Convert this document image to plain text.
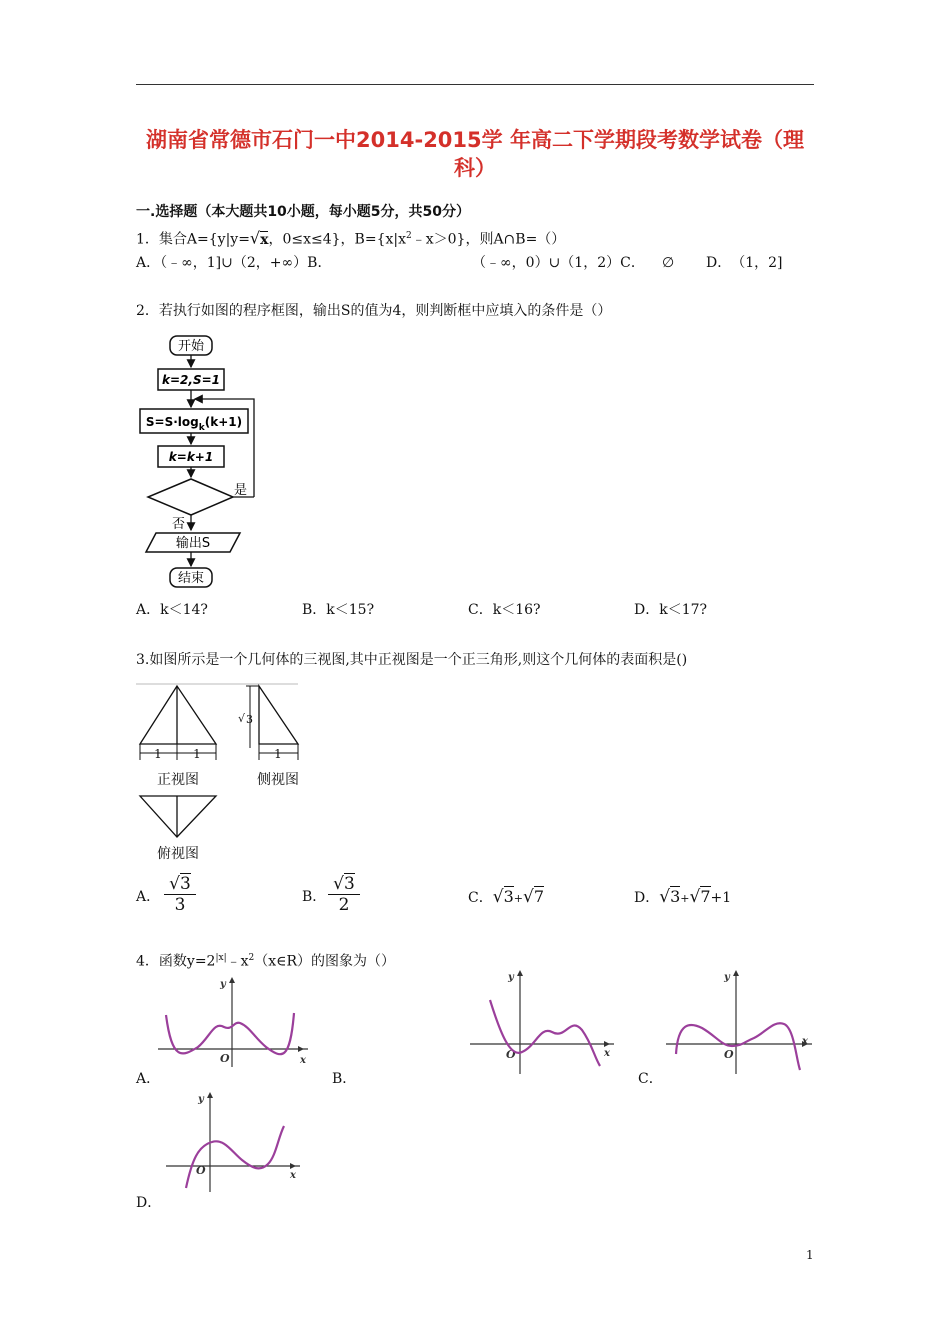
湖南省常德市石门一中2014-2015学 年高二下学期段考数学试卷（理
科）
一.选择题（本大题共10小题，每小题5分，共50分）
1．集合A={y|y=√x，0≤x≤4}，$B=\{x|x^2﹣x>0\}$，则A∩B=（）
A．（﹣∞，1]∪（2，+∞）B．	（﹣∞，0）∪（1，2）C． ∅ D．　（1，2]
2．若执行如图的程序框图，输出S的值为4，则判断框中应填入的条件是（）
开始
k=2,S=1
$S=S\cdot\log_k(k+1)$
k=k+1
是
否
输出S
结束
A．k＜14?	B．k＜15?	C．k＜16?	D．k＜17?
3.如图所示是一个几何体的三视图,其中正视图是一个正三角形,则这个几何体的表面积是()
1	1
正视图
√ 3
1
侧视图
俯视图
A．
√3
3	B．
√3
2	C．√3+√7	D．√3+√7+1
4．函数$y=2^{|x|}﹣x^2(x\in R)$的图象为（）
y
x
O
A．
y
x
O
B．
y
x
O
C．
y
x
O
D．
1
